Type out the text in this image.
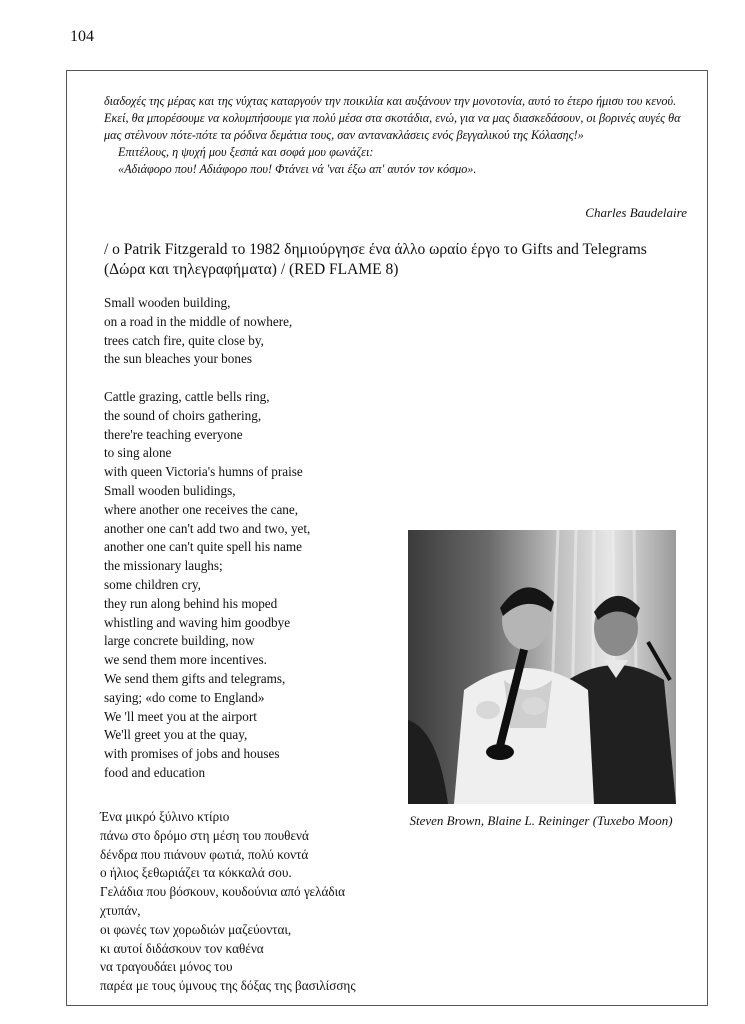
104

διαδοχές της μέρας και της νύχτας καταργούν την ποικιλία και αυξάνουν την μονοτονία, αυτό το έτερο ήμισυ του κενού. Εκεί, θα μπορέσουμε να κολυμπήσουμε για πολύ μέσα στα σκοτάδια, ενώ, για να μας διασκεδάσουν, οι βορινές αυγές θα μας στέλνουν πότε-πότε τα ρόδινα δεμάτια τους, σαν αντανακλάσεις ενός βεγγαλικού της Κόλασης!»

Επιτέλους, η ψυχή μου ξεσπά και σοφά μου φωνάζει:

«Αδιάφορο που! Αδιάφορο που! Φτάνει νά 'ναι έξω απ' αυτόν τον κόσμο».

Charles Baudelaire
/ ο Patrik Fitzgerald το 1982 δημιούργησε ένα άλλο ωραίο έργο το Gifts and Telegrams (Δώρα και τηλεγραφήματα) / (RED FLAME 8)
Small wooden building,
on a road in the middle of nowhere,
trees catch fire, quite close by,
the sun bleaches your bones
Cattle grazing, cattle bells ring,
the sound of choirs gathering,
there're teaching everyone
to sing alone
with queen Victoria's humns of praise
Small wooden bulidings,
where another one receives the cane,
another one can't add two and two, yet,
another one can't quite spell his name
the missionary laughs;
some children cry,
they run along behind his moped
whistling and waving him goodbye
large concrete building, now
we send them more incentives.
We send them gifts and telegrams,
saying; «do come to England»
We 'll meet you at the airport
We'll greet you at the quay,
with promises of jobs and houses
food and education
Steven Brown, Blaine L. Reininger (Tuxebo Moon)
Ένα μικρό ξύλινο κτίριο
πάνω στο δρόμο στη μέση του πουθενά
δένδρα που πιάνουν φωτιά, πολύ κοντά
ο ήλιος ξεθωριάζει τα κόκκαλά σου.
Γελάδια που βόσκουν, κουδούνια από γελάδια
χτυπάν,
οι φωνές των χορωδιών μαζεύονται,
κι αυτοί διδάσκουν τον καθένα
να τραγουδάει μόνος του
παρέα με τους ύμνους της δόξας της βασιλίσσης
